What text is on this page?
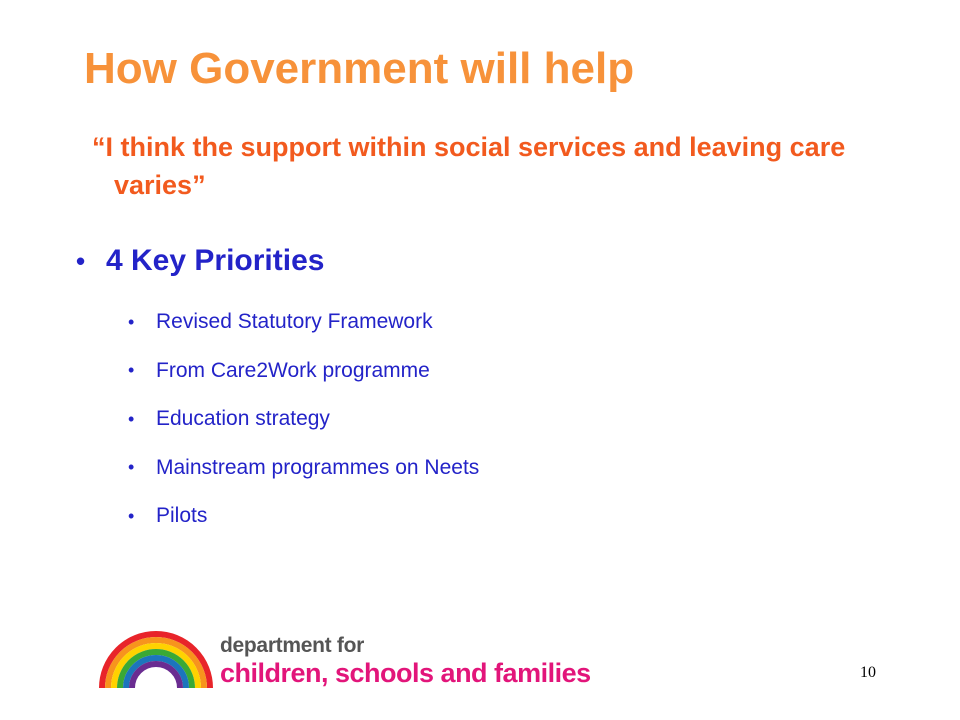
How Government will help
“I think the support within social services and leaving care varies”
• 4 Key Priorities
•	Revised Statutory Framework
•	From Care2Work programme
•	Education strategy
•	Mainstream programmes on Neets
•	Pilots
department for
children, schools and families	10
